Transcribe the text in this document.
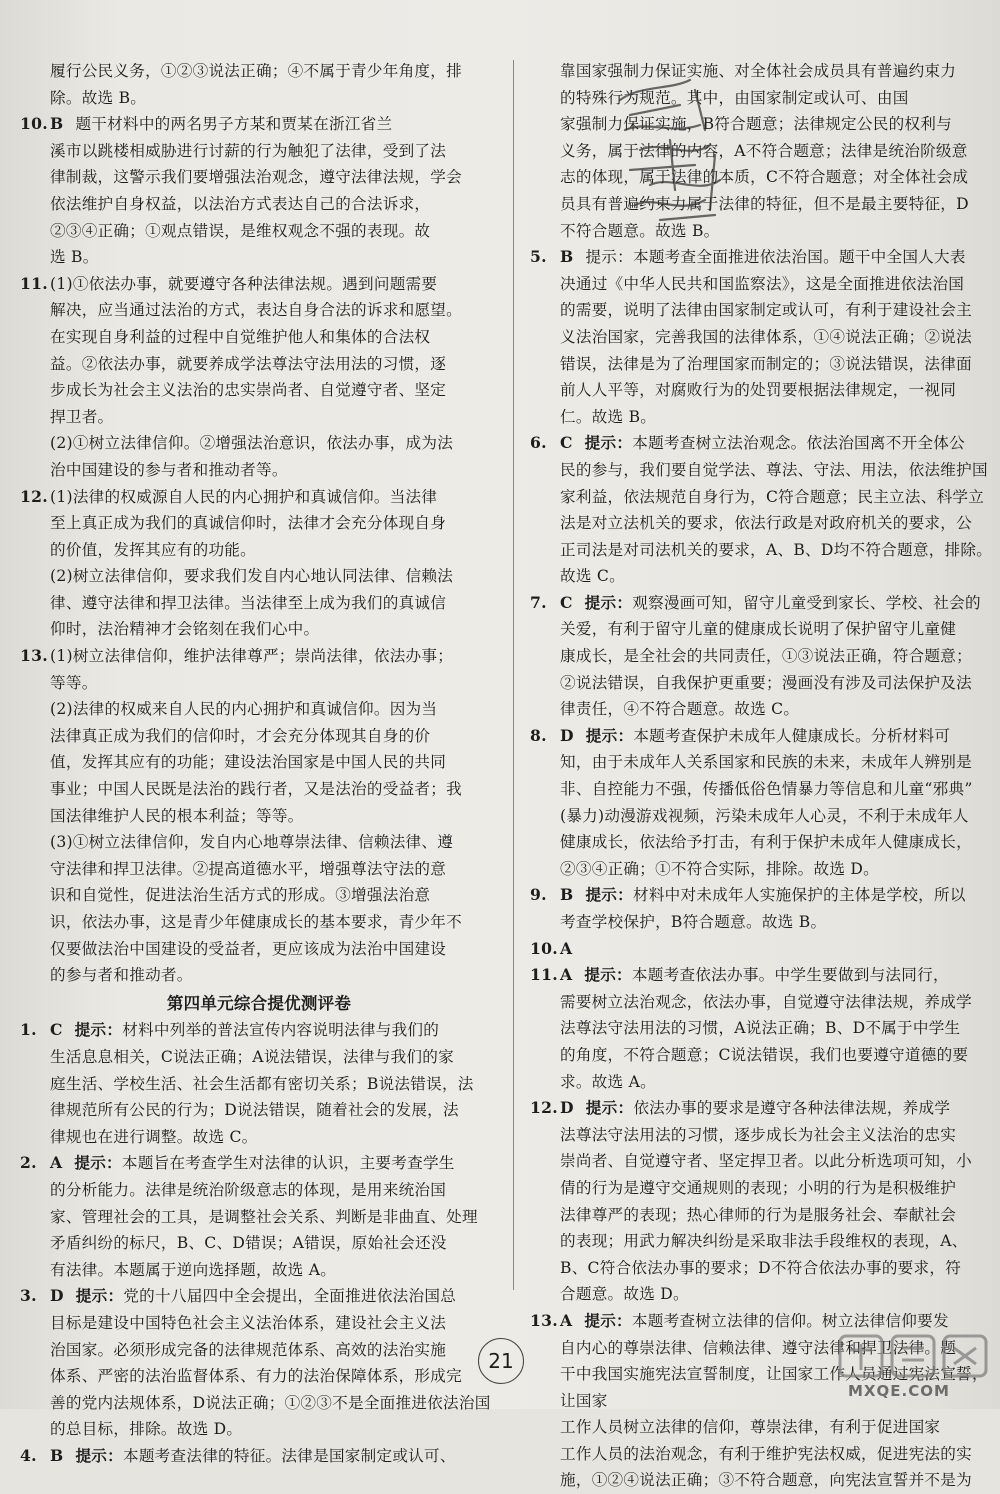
履行公民义务，①②③说法正确；④不属于青少年角度，排

除。故选 B。

10. B 题干材料中的两名男子方某和贾某在浙江省兰

溪市以跳楼相威胁进行讨薪的行为触犯了法律，受到了法

律制裁，这警示我们要增强法治观念，遵守法律法规，学会

依法维护自身权益，以法治方式表达自己的合法诉求，

②③④正确；①观点错误，是维权观念不强的表现。故

选 B。

11. (1)①依法办事，就要遵守各种法律法规。遇到问题需要

解决，应当通过法治的方式，表达自身合法的诉求和愿望。

在实现自身利益的过程中自觉维护他人和集体的合法权

益。②依法办事，就要养成学法尊法守法用法的习惯，逐

步成长为社会主义法治的忠实崇尚者、自觉遵守者、坚定

捍卫者。

(2)①树立法律信仰。②增强法治意识，依法办事，成为法

治中国建设的参与者和推动者等。

12. (1)法律的权威源自人民的内心拥护和真诚信仰。当法律

至上真正成为我们的真诚信仰时，法律才会充分体现自身

的价值，发挥其应有的功能。

(2)树立法律信仰，要求我们发自内心地认同法律、信赖法

律、遵守法律和捍卫法律。当法律至上成为我们的真诚信

仰时，法治精神才会铭刻在我们心中。

13. (1)树立法律信仰，维护法律尊严；崇尚法律，依法办事；

等等。

(2)法律的权威来自人民的内心拥护和真诚信仰。因为当

法律真正成为我们的信仰时，才会充分体现其自身的价

值，发挥其应有的功能；建设法治国家是中国人民的共同

事业；中国人民既是法治的践行者，又是法治的受益者；我

国法律维护人民的根本利益；等等。

(3)①树立法律信仰，发自内心地尊崇法律、信赖法律、遵

守法律和捍卫法律。②提高道德水平，增强尊法守法的意

识和自觉性，促进法治生活方式的形成。③增强法治意

识，依法办事，这是青少年健康成长的基本要求，青少年不

仅要做法治中国建设的受益者，更应该成为法治中国建设

的参与者和推动者。

第四单元综合提优测评卷

1. C 提示：材料中列举的普法宣传内容说明法律与我们的

生活息息相关，C说法正确；A说法错误，法律与我们的家

庭生活、学校生活、社会生活都有密切关系；B说法错误，法

律规范所有公民的行为；D说法错误，随着社会的发展，法

律规也在进行调整。故选 C。

2. A 提示：本题旨在考查学生对法律的认识，主要考查学生

的分析能力。法律是统治阶级意志的体现，是用来统治国

家、管理社会的工具，是调整社会关系、判断是非曲直、处理

矛盾纠纷的标尺，B、C、D错误；A错误，原始社会还没

有法律。本题属于逆向选择题，故选 A。

3. D 提示：党的十八届四中全会提出，全面推进依法治国总

目标是建设中国特色社会主义法治体系，建设社会主义法

治国家。必须形成完备的法律规范体系、高效的法治实施

体系、严密的法治监督体系、有力的法治保障体系，形成完

善的党内法规体系，D说法正确；①②③不是全面推进依法治国

的总目标，排除。故选 D。

4. B 提示：本题考查法律的特征。法律是国家制定或认可、

靠国家强制力保证实施、对全体社会成员具有普遍约束力

的特殊行为规范。其中，由国家制定或认可、由国

家强制力保证实施，B符合题意；法律规定公民的权利与

义务，属于法律的内容，A不符合题意；法律是统治阶级意

志的体现，属于法律的本质，C不符合题意；对全体社会成

员具有普遍约束力属于法律的特征，但不是最主要特征，D

不符合题意。故选 B。

5. B 提示：本题考查全面推进依法治国。题干中全国人大表

决通过《中华人民共和国监察法》，这是全面推进依法治国

的需要，说明了法律由国家制定或认可，有利于建设社会主

义法治国家，完善我国的法律体系，①④说法正确；②说法

错误，法律是为了治理国家而制定的；③说法错误，法律面

前人人平等，对腐败行为的处罚要根据法律规定，一视同

仁。故选 B。

6. C 提示：本题考查树立法治观念。依法治国离不开全体公

民的参与，我们要自觉学法、尊法、守法、用法，依法维护国

家利益，依法规范自身行为，C符合题意；民主立法、科学立

法是对立法机关的要求，依法行政是对政府机关的要求，公

正司法是对司法机关的要求，A、B、D均不符合题意，排除。

故选 C。

7. C 提示：观察漫画可知，留守儿童受到家长、学校、社会的

关爱，有利于留守儿童的健康成长说明了保护留守儿童健

康成长，是全社会的共同责任，①③说法正确，符合题意；

②说法错误，自我保护更重要；漫画没有涉及司法保护及法

律责任，④不符合题意。故选 C。

8. D 提示：本题考查保护未成年人健康成长。分析材料可

知，由于未成年人关系国家和民族的未来，未成年人辨别是

非、自控能力不强，传播低俗色情暴力等信息和儿童“邪典”

(暴力)动漫游戏视频，污染未成年人心灵，不利于未成年人

健康成长，依法给予打击，有利于保护未成年人健康成长，

②③④正确；①不符合实际，排除。故选 D。

9. B 提示：材料中对未成年人实施保护的主体是学校，所以

考查学校保护，B符合题意。故选 B。

10. A

11. A 提示：本题考查依法办事。中学生要做到与法同行，

需要树立法治观念，依法办事，自觉遵守法律法规，养成学

法尊法守法用法的习惯，A说法正确；B、D不属于中学生

的角度，不符合题意；C说法错误，我们也要遵守道德的要

求。故选 A。

12. D 提示：依法办事的要求是遵守各种法律法规，养成学

法尊法守法用法的习惯，逐步成长为社会主义法治的忠实

崇尚者、自觉遵守者、坚定捍卫者。以此分析选项可知，小

倩的行为是遵守交通规则的表现；小明的行为是积极维护

法律尊严的表现；热心律师的行为是服务社会、奉献社会

的表现；用武力解决纠纷是采取非法手段维权的表现，A、

B、C符合依法办事的要求；D不符合依法办事的要求，符

合题意。故选 D。

13. A 提示：本题考查树立法律的信仰。树立法律信仰要发

自内心的尊崇法律、信赖法律、遵守法律和捍卫法律。题

干中我国实施宪法宣誓制度，让国家工作人员通过宪法宣誓，让国家

工作人员树立法律的信仰，尊崇法律，有利于促进国家

工作人员的法治观念，有利于维护宪法权威，促进宪法的实

施，①②④说法正确；③不符合题意，向宪法宣誓并不是为

21
MXQE.COM
